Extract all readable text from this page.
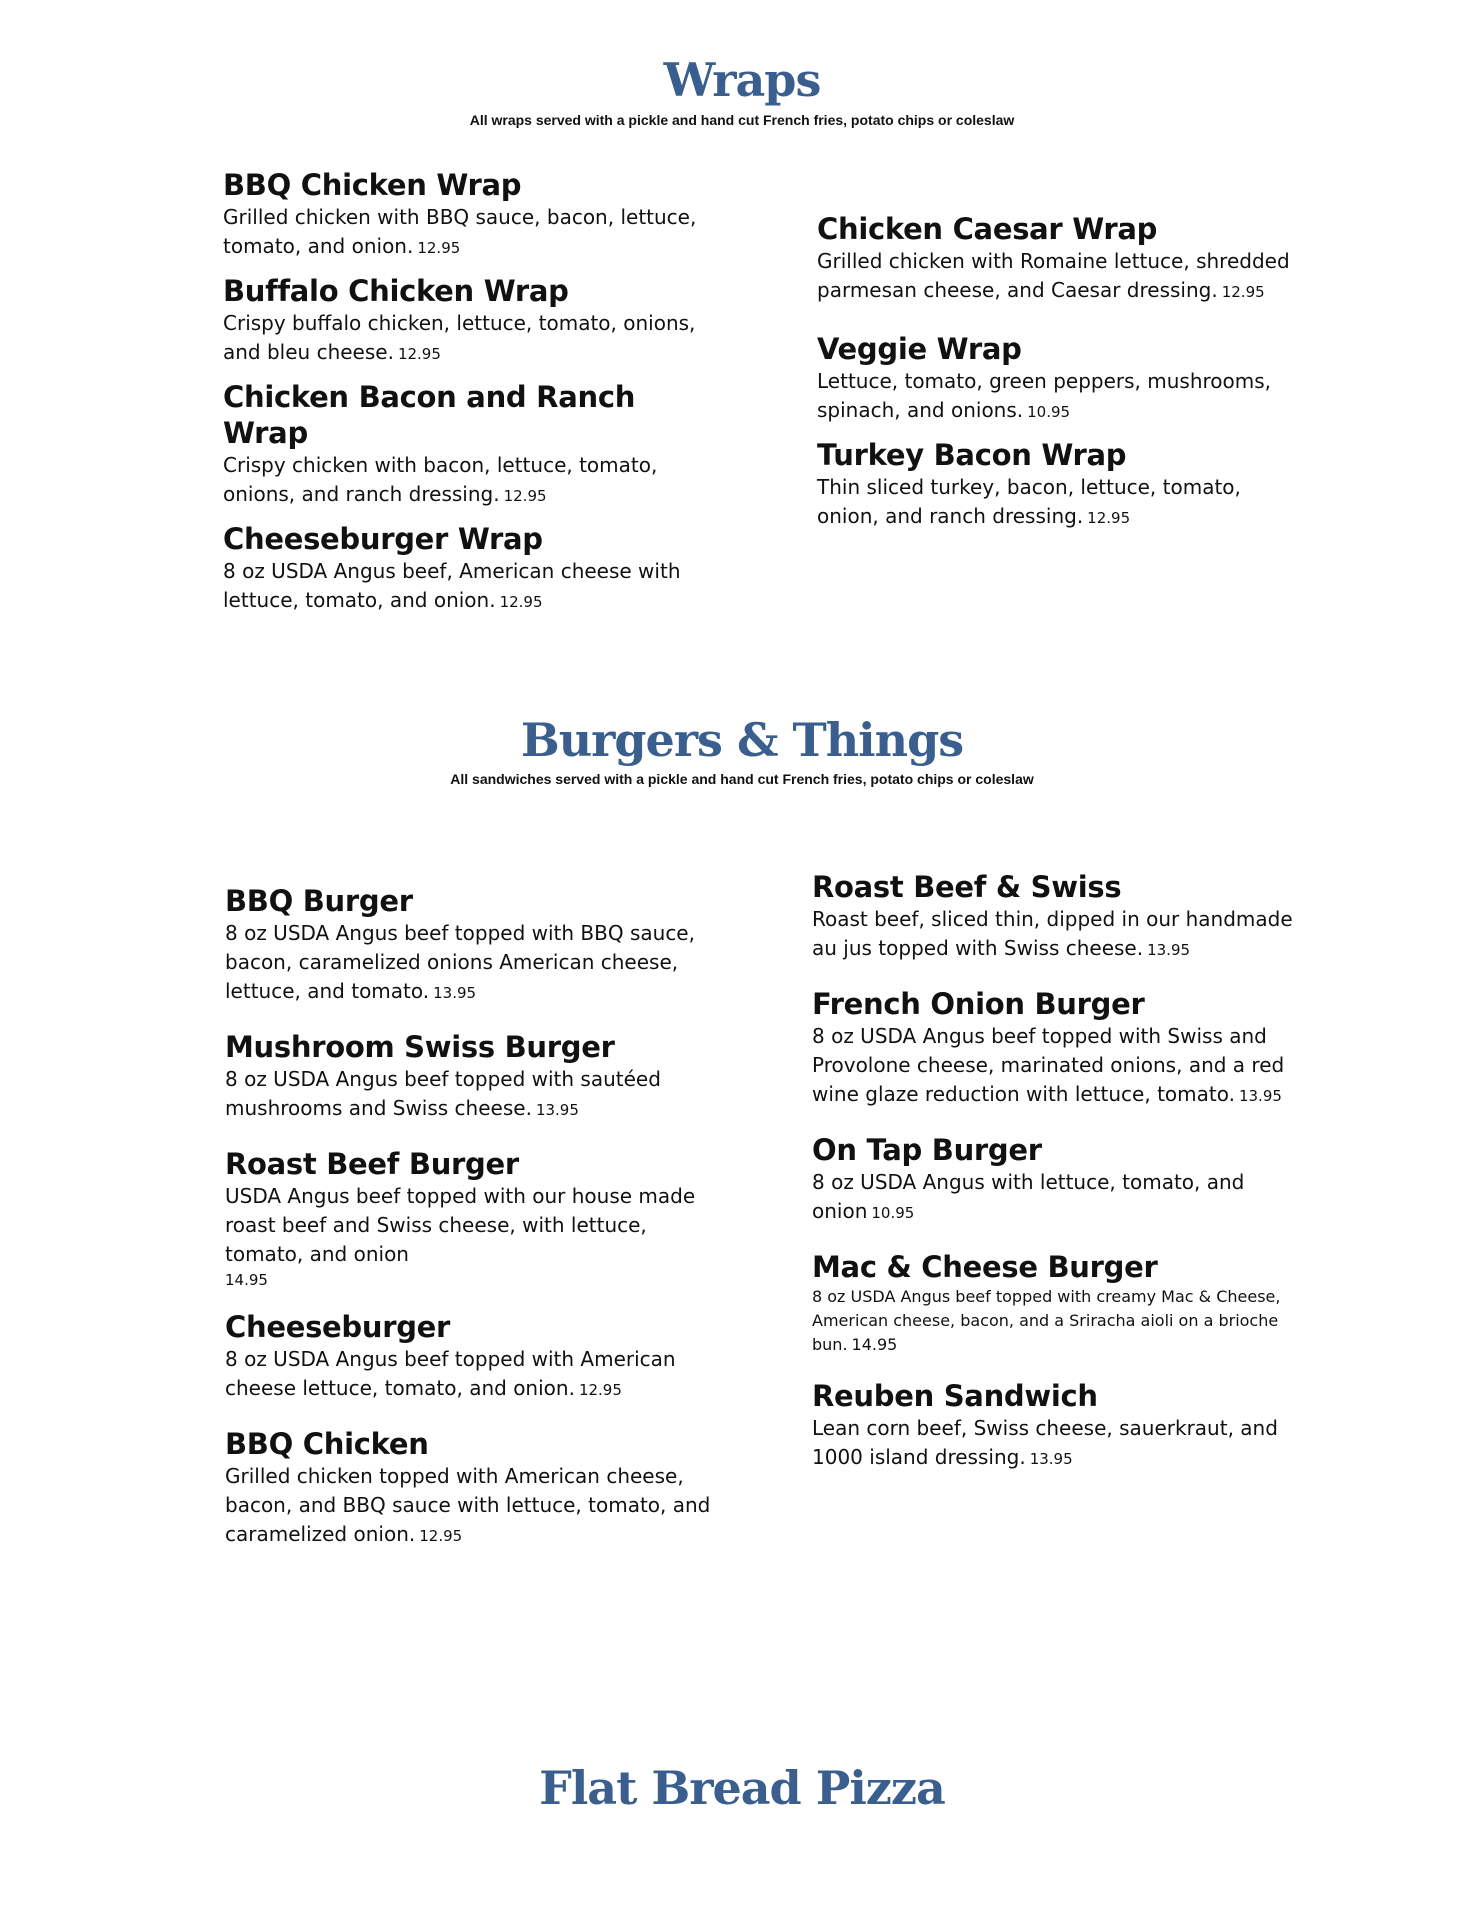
Wraps

All wraps served with a pickle and hand cut French fries, potato chips or coleslaw

BBQ Chicken Wrap
Grilled chicken with BBQ sauce, bacon, lettuce, tomato, and onion. 12.95
Buffalo Chicken Wrap
Crispy buffalo chicken, lettuce, tomato, onions, and bleu cheese. 12.95
Chicken Bacon and Ranch Wrap
Crispy chicken with bacon, lettuce, tomato, onions, and ranch dressing. 12.95
Cheeseburger Wrap
8 oz USDA Angus beef, American cheese with lettuce, tomato, and onion. 12.95
Chicken Caesar Wrap
Grilled chicken with Romaine lettuce, shredded parmesan cheese, and Caesar dressing. 12.95
Veggie Wrap
Lettuce, tomato, green peppers, mushrooms, spinach, and onions. 10.95
Turkey Bacon Wrap
Thin sliced turkey, bacon, lettuce, tomato, onion, and ranch dressing. 12.95
Burgers & Things

All sandwiches served with a pickle and hand cut French fries, potato chips or coleslaw

BBQ Burger
8 oz USDA Angus beef topped with BBQ sauce, bacon, caramelized onions American cheese, lettuce, and tomato. 13.95
Mushroom Swiss Burger
8 oz USDA Angus beef topped with sautéed mushrooms and Swiss cheese. 13.95
Roast Beef Burger
USDA Angus beef topped with our house made roast beef and Swiss cheese, with lettuce, tomato, and onion
14.95
Cheeseburger
8 oz USDA Angus beef topped with American cheese lettuce, tomato, and onion. 12.95
BBQ Chicken
Grilled chicken topped with American cheese, bacon, and BBQ sauce with lettuce, tomato, and caramelized onion. 12.95
Roast Beef & Swiss
Roast beef, sliced thin, dipped in our handmade au jus topped with Swiss cheese. 13.95
French Onion Burger
8 oz USDA Angus beef topped with Swiss and Provolone cheese, marinated onions, and a red wine glaze reduction with lettuce, tomato. 13.95
On Tap Burger
8 oz USDA Angus with lettuce, tomato, and onion 10.95
Mac & Cheese Burger
8 oz USDA Angus beef topped with creamy Mac & Cheese, American cheese, bacon, and a Sriracha aioli on a brioche bun. 14.95
Reuben Sandwich
Lean corn beef, Swiss cheese, sauerkraut, and 1000 island dressing. 13.95
Flat Bread Pizza
